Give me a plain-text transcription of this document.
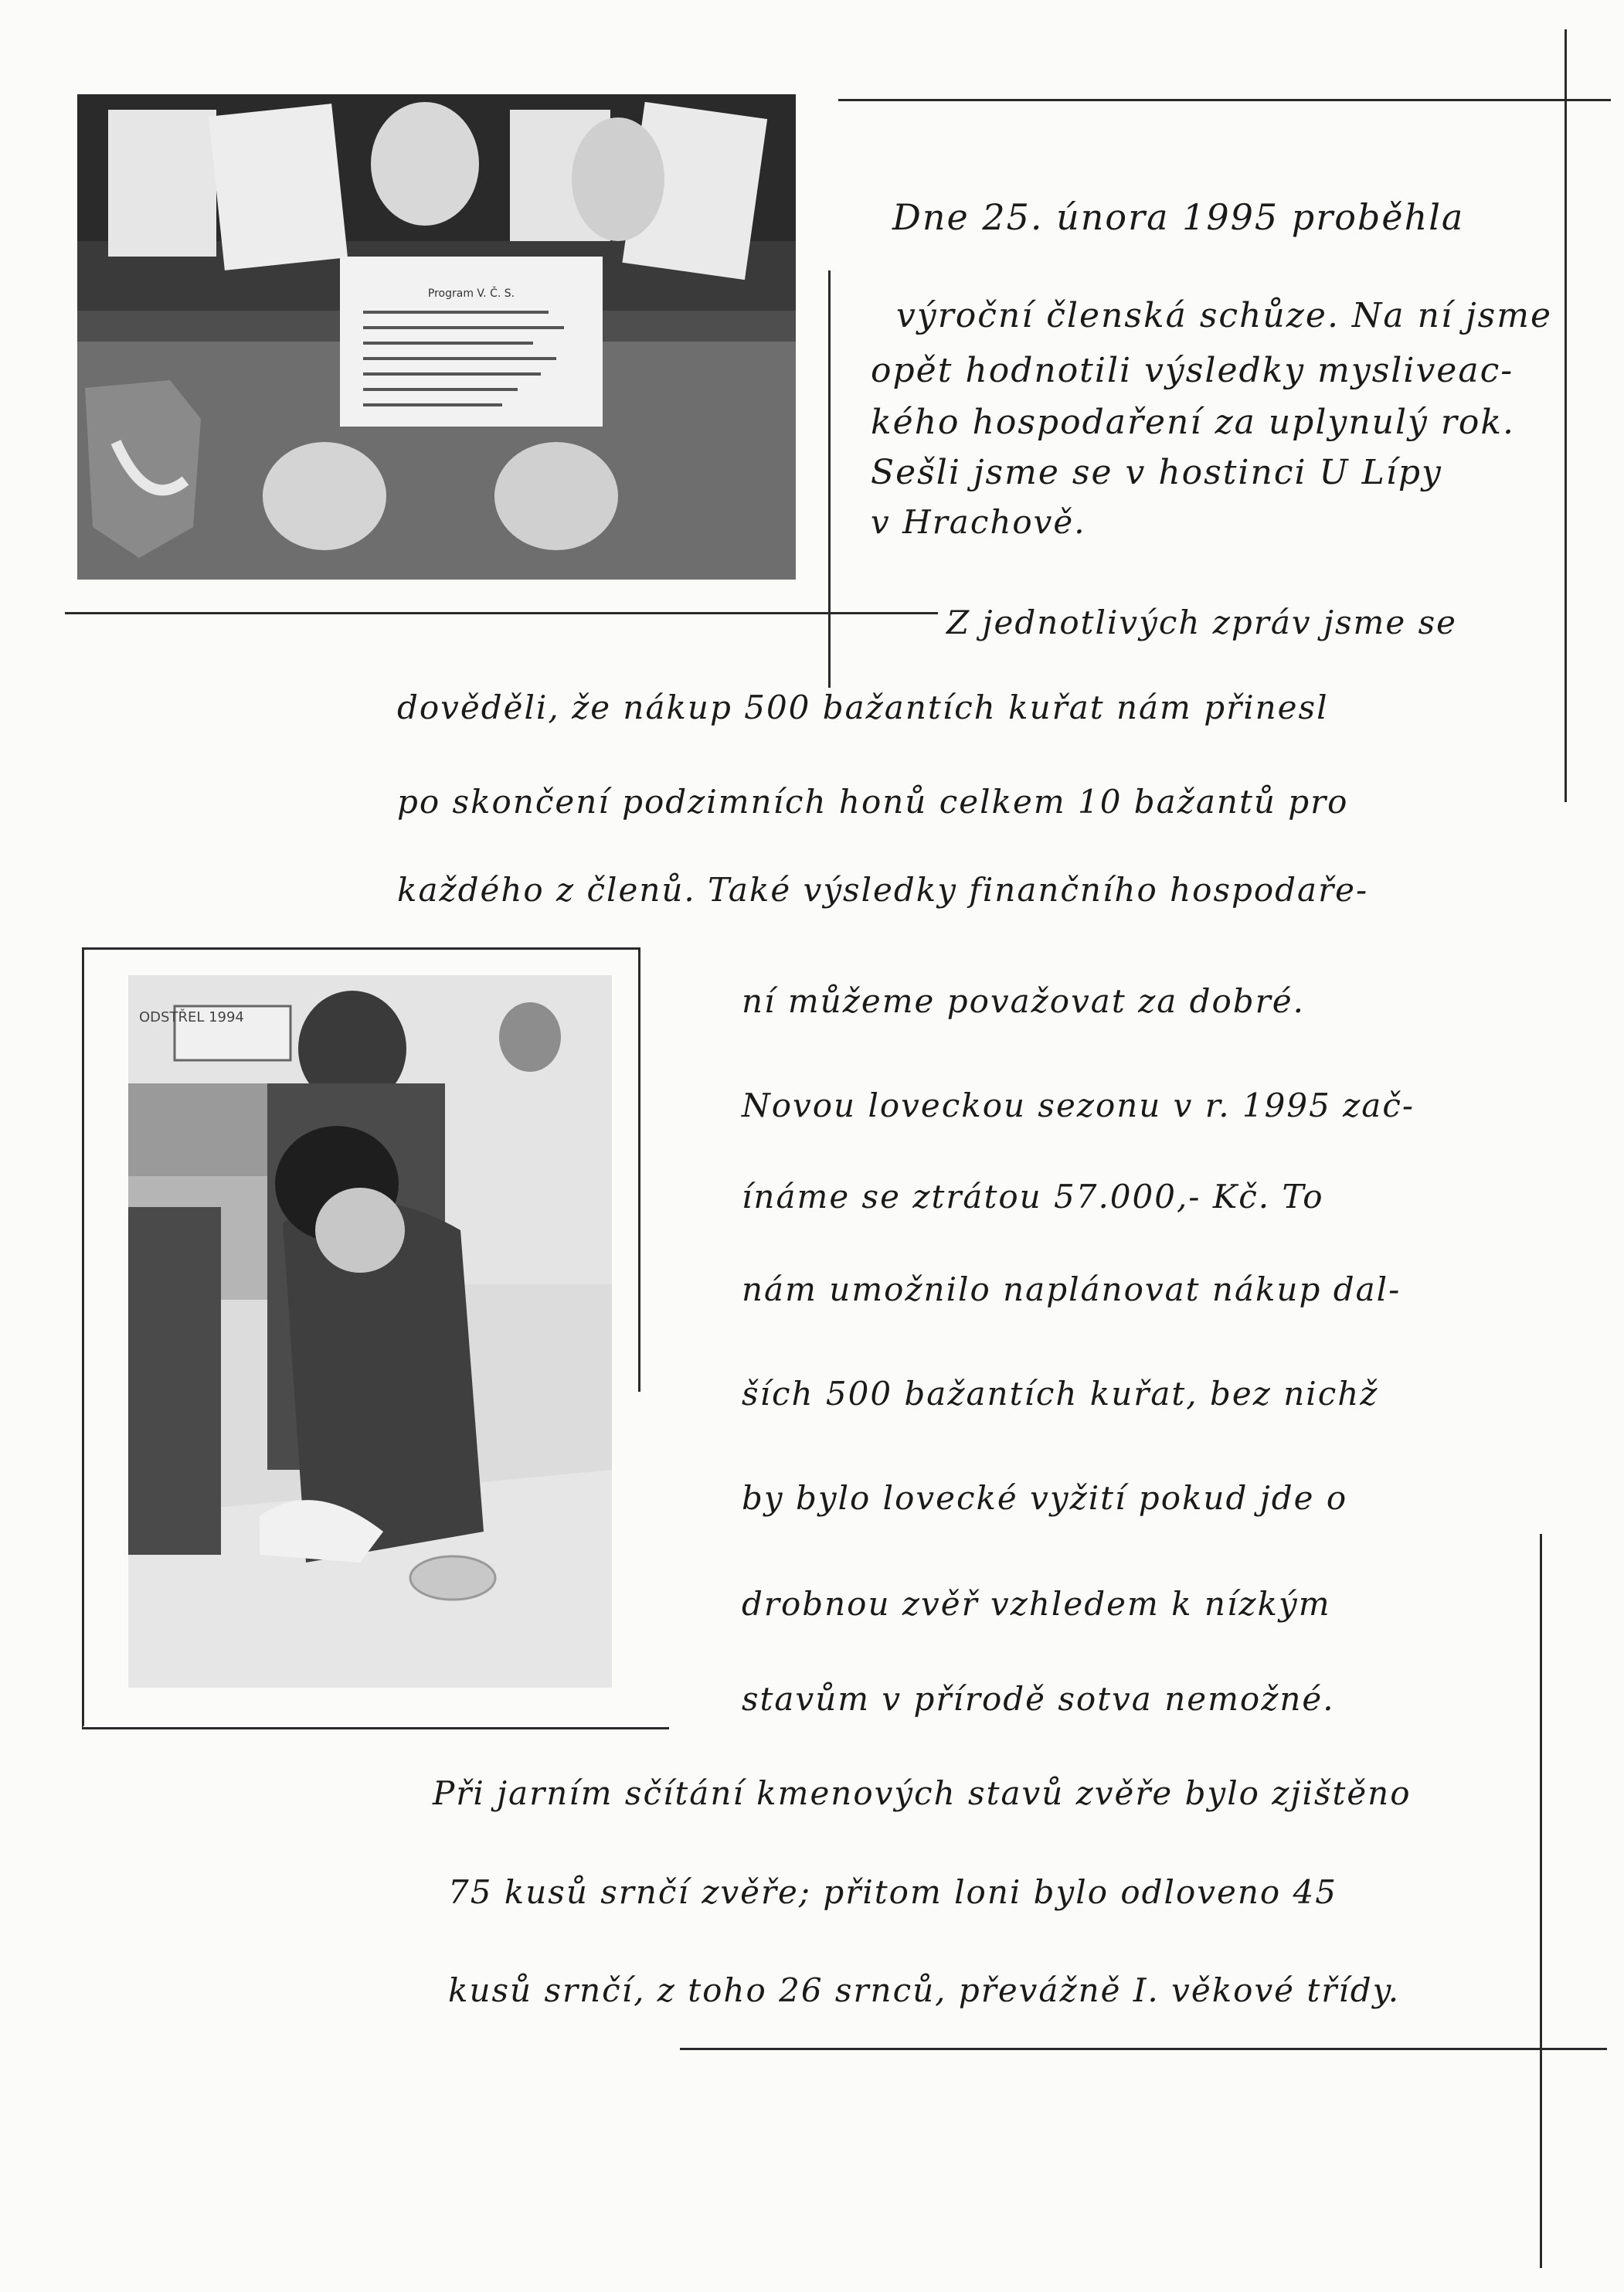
Program V. Č. S.
ODSTŘEL 1994
Dne 25. února 1995 proběhla
výroční členská schůze. Na ní jsme
opět hodnotili výsledky mysliveac-
kého hospodaření za uplynulý rok.
Sešli jsme se v hostinci U Lípy
v Hrachově.
Z jednotlivých zpráv jsme se
dověděli, že nákup 500 bažantích kuřat nám přinesl
po skončení podzimních honů celkem 10 bažantů pro
každého z členů. Také výsledky finančního hospodaře-
ní můžeme považovat za dobré.
Novou loveckou sezonu v r. 1995 zač-
ínáme se ztrátou 57.000,- Kč. To
nám umožnilo naplánovat nákup dal-
ších 500 bažantích kuřat, bez nichž
by bylo lovecké vyžití pokud jde o
drobnou zvěř vzhledem k nízkým
stavům v přírodě sotva nemožné.
Při jarním sčítání kmenových stavů zvěře bylo zjištěno
75 kusů srnčí zvěře; přitom loni bylo odloveno 45
kusů srnčí, z toho 26 srnců, převážně I. věkové třídy.
